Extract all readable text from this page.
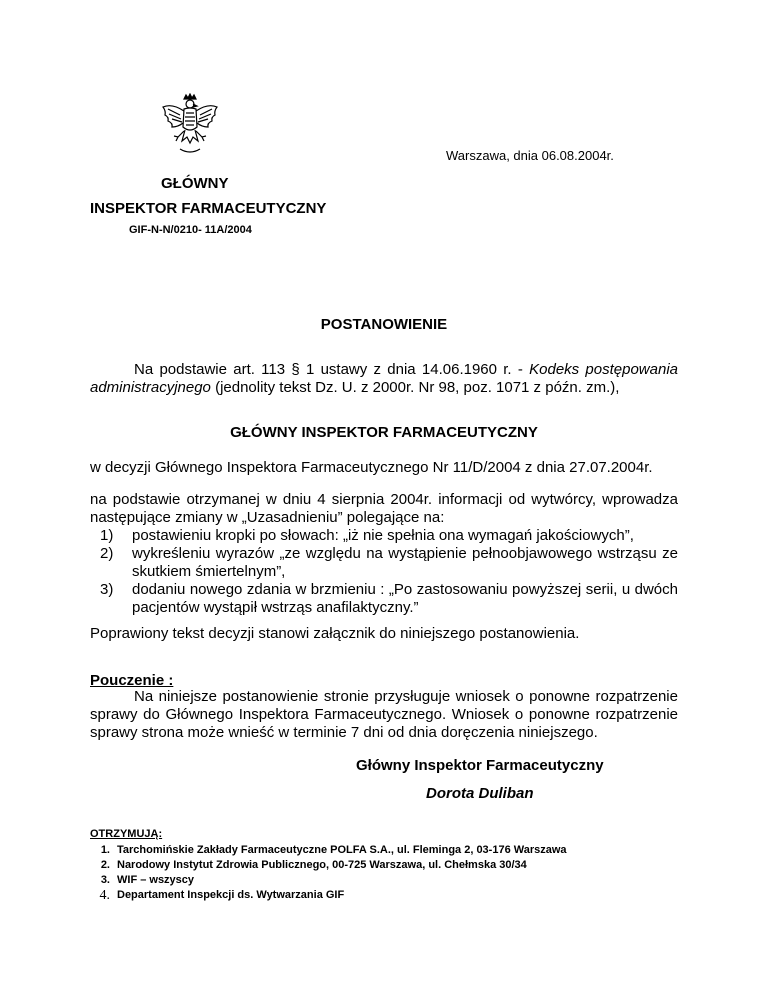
Warszawa, dnia 06.08.2004r.
GŁÓWNY
INSPEKTOR FARMACEUTYCZNY
GIF-N-N/0210- 11A/2004
POSTANOWIENIE
Na podstawie art. 113 § 1 ustawy z dnia 14.06.1960 r. - Kodeks postępowania administracyjnego (jednolity tekst Dz. U. z 2000r. Nr 98, poz. 1071 z późn. zm.),
GŁÓWNY INSPEKTOR FARMACEUTYCZNY
w decyzji Głównego Inspektora Farmaceutycznego Nr 11/D/2004 z dnia 27.07.2004r.
na podstawie otrzymanej w dniu 4 sierpnia 2004r. informacji od wytwórcy, wprowadza następujące zmiany w „Uzasadnieniu” polegające na:
1) postawieniu kropki po słowach: „iż nie spełnia ona wymagań jakościowych”,
2) wykreśleniu wyrazów „ze względu na wystąpienie pełnoobjawowego wstrząsu ze skutkiem śmiertelnym”,
3) dodaniu nowego zdania w brzmieniu : „Po zastosowaniu powyższej serii, u dwóch pacjentów wystąpił wstrząs anafilaktyczny.”
Poprawiony tekst decyzji stanowi załącznik do niniejszego postanowienia.
Pouczenie :
Na niniejsze postanowienie stronie przysługuje wniosek o ponowne rozpatrzenie sprawy do Głównego Inspektora Farmaceutycznego. Wniosek o ponowne rozpatrzenie sprawy strona może wnieść w terminie 7 dni od dnia doręczenia niniejszego.
Główny Inspektor Farmaceutyczny
Dorota Duliban
OTRZYMUJĄ:
1. Tarchomińskie Zakłady Farmaceutyczne POLFA S.A., ul. Fleminga 2, 03-176 Warszawa
2. Narodowy Instytut Zdrowia Publicznego, 00-725 Warszawa, ul. Chełmska 30/34
3. WIF – wszyscy
4. Departament Inspekcji ds. Wytwarzania GIF
